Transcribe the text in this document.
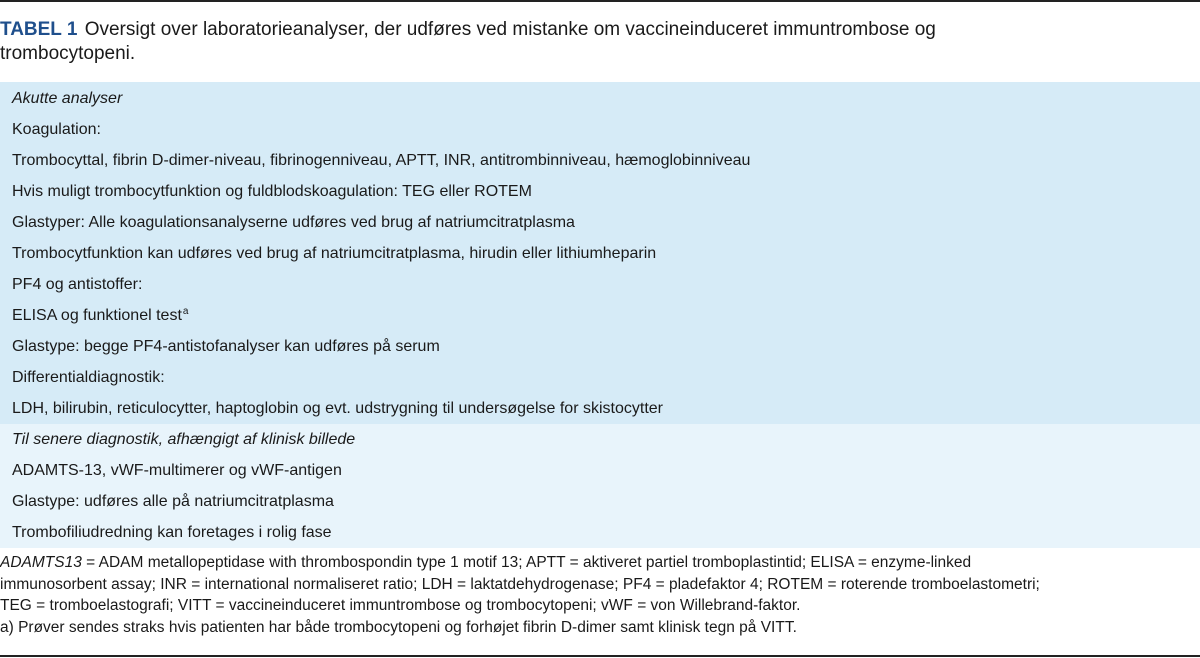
TABEL 1 Oversigt over laboratorieanalyser, der udføres ved mistanke om vaccineinduceret immuntrombose og trombocytopeni.
Akutte analyser
Koagulation:
Trombocyttal, fibrin D-dimer-niveau, fibrinogenniveau, APTT, INR, antitrombinniveau, hæmoglobinniveau
Hvis muligt trombocytfunktion og fuldblodskoagulation: TEG eller ROTEM
Glastyper: Alle koagulationsanalyserne udføres ved brug af natriumcitratplasma
Trombocytfunktion kan udføres ved brug af natriumcitratplasma, hirudin eller lithiumheparin
PF4 og antistoffer:
ELISA og funktionel test$^a$
Glastype: begge PF4-antistofanalyser kan udføres på serum
Differentialdiagnostik:
LDH, bilirubin, reticulocytter, haptoglobin og evt. udstrygning til undersøgelse for skistocytter
Til senere diagnostik, afhængigt af klinisk billede
ADAMTS-13, vWF-multimerer og vWF-antigen
Glastype: udføres alle på natriumcitratplasma
Trombofiliudredning kan foretages i rolig fase
ADAMTS13 = ADAM metallopeptidase with thrombospondin type 1 motif 13; APTT = aktiveret partiel tromboplastintid; ELISA = enzyme-linked
immunosorbent assay; INR = international normaliseret ratio; LDH = laktatdehydrogenase; PF4 = pladefaktor 4; ROTEM = roterende tromboelastometri;
TEG = tromboelastografi; VITT = vaccineinduceret immuntrombose og trombocytopeni; vWF = von Willebrand-faktor.
a) Prøver sendes straks hvis patienten har både trombocytopeni og forhøjet fibrin D-dimer samt klinisk tegn på VITT.
